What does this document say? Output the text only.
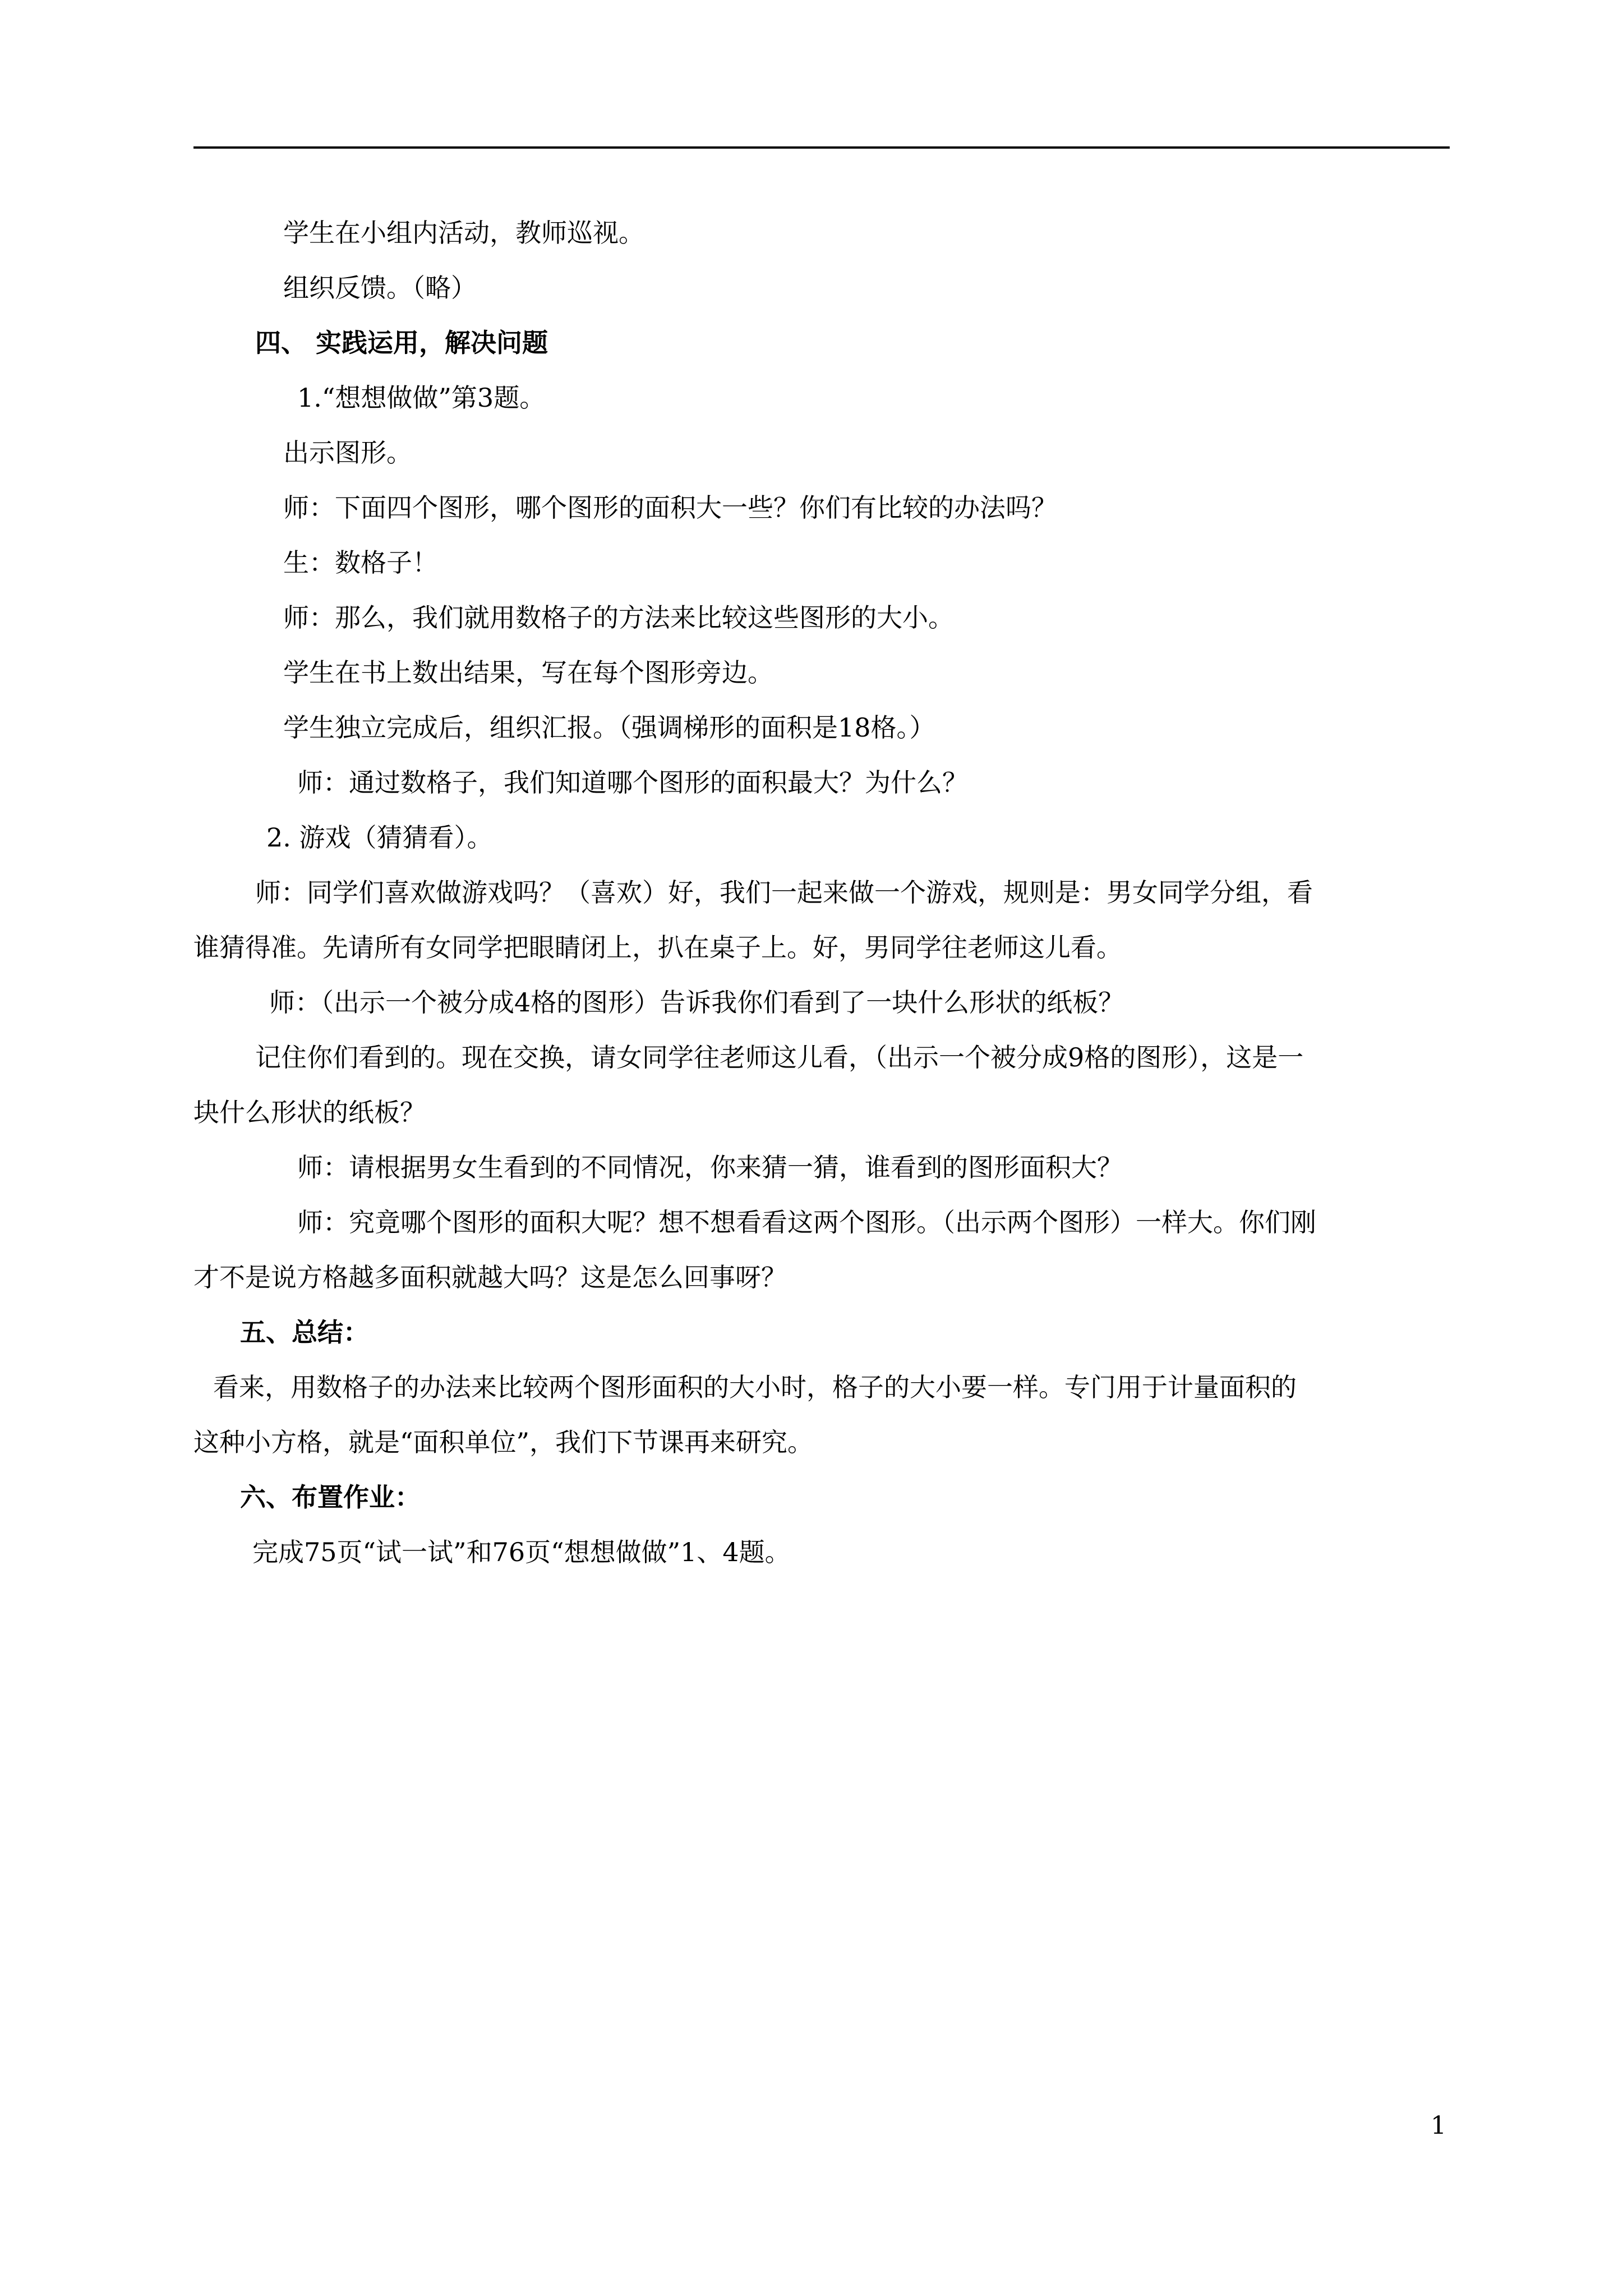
学生在小组内活动，教师巡视。
组织反馈。（略）
四、 实践运用，解决问题
1.“想想做做”第3题。
出示图形。
师：下面四个图形，哪个图形的面积大一些？你们有比较的办法吗？
生：数格子！
师：那么，我们就用数格子的方法来比较这些图形的大小。
学生在书上数出结果，写在每个图形旁边。
学生独立完成后，组织汇报。（强调梯形的面积是18格。）
师：通过数格子，我们知道哪个图形的面积最大？为什么？
2. 游戏（猜猜看）。
师：同学们喜欢做游戏吗？（喜欢）好，我们一起来做一个游戏，规则是：男女同学分组，看
谁猜得准。先请所有女同学把眼睛闭上，扒在桌子上。好，男同学往老师这儿看。
师：（出示一个被分成4格的图形）告诉我你们看到了一块什么形状的纸板？
记住你们看到的。现在交换，请女同学往老师这儿看，（出示一个被分成9格的图形），这是一
块什么形状的纸板？
师：请根据男女生看到的不同情况，你来猜一猜，谁看到的图形面积大？
师：究竟哪个图形的面积大呢？想不想看看这两个图形。（出示两个图形）一样大。你们刚
才不是说方格越多面积就越大吗？这是怎么回事呀？
五、总结：
看来，用数格子的办法来比较两个图形面积的大小时，格子的大小要一样。专门用于计量面积的
这种小方格，就是“面积单位”，我们下节课再来研究。
六、布置作业：
完成75页“试一试”和76页“想想做做”1、4题。
1
